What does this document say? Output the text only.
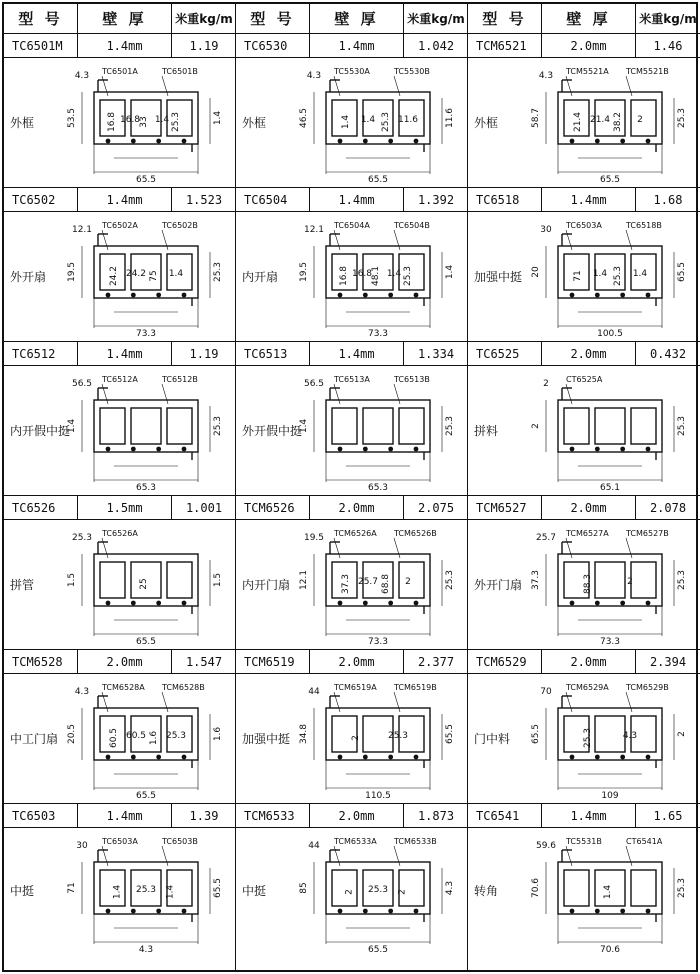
型 号	壁 厚	米重kg/m
TC6501M	1.4mm	1.19
外框
4.3
53.5	16.8 16.8
33 1.4 25.3	1.4
65.5
TC6501A	TC6501B
TC6502	1.4mm	1.523
外开扇
12.1
19.5	24.2 24.2 75 1.4	25.3
73.3
TC6502A	TC6502B
TC6512	1.4mm	1.19
内开假中挺
56.5
1.4	25.3
65.3
TC6512A	TC6512B
TC6526	1.5mm	1.001
拼管
25.3
1.5	25	1.5
65.5
TC6526A
TCM6528	2.0mm	1.547
中工门扇
4.3
20.5	60.5 60.5 1.6 25.3	1.6
65.5
TCM6528A TCM6528B
TC6503	1.4mm	1.39
中挺
30
71	1.4 25.3 1.4	65.5
4.3
TC6503A	TC6503B
型 号	壁 厚	米重kg/m
TC6530	1.4mm	1.042
外框
4.3
46.5	1.4 1.4 25.3 11.6	11.6
65.5
TC5530A	TC5530B
TC6504	1.4mm	1.392
内开扇
12.1
19.5	16.8 16.8
48.1 1.4 25.3	1.4
73.3
TC6504A	TC6504B
TC6513	1.4mm	1.334
外开假中挺
56.5
1.4	25.3
65.3
TC6513A	TC6513B
TCM6526	2.0mm	2.075
内开门扇
19.5
12.1	37.3 25.7 68.8 2	25.3
73.3
TCM6526A TCM6526B
TCM6519	2.0mm	2.377
加强中挺
44
34.8	2	25.3	65.5
110.5
TCM6519A TCM6519B
TCM6533	2.0mm	1.873
中挺
44
85	2 25.3 2	4.3
65.5
TCM6533A TCM6533B
型 号	壁 厚	米重kg/m
TCM6521	2.0mm	1.46
外框
4.3
58.7	21.4 21.4 38.2 2	25.3
65.5
TCM5521A TCM5521B
TC6518	1.4mm	1.68
加强中挺
30
20	71 1.4 25.3 1.4	65.5
100.5
TC6503A	TC6518B
TC6525	2.0mm	0.432
拼料
2
2	25.3
65.1
CT6525A
TCM6527	2.0mm	2.078
外开门扇
25.7
37.3	88.3	2	25.3
73.3
TCM6527A TCM6527B
TCM6529	2.0mm	2.394
门中料
70
65.5	25.3	4.3	2
109
TCM6529A TCM6529B
TC6541	1.4mm	1.65
转角
59.6
70.6	1.4	25.3
70.6
TC5531B	CT6541A
